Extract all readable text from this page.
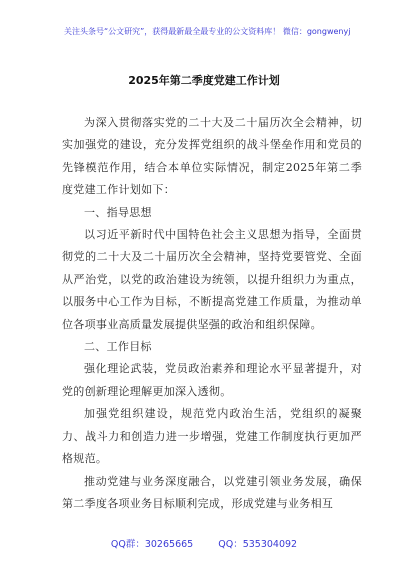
关注头条号“公文研究”，获得最新最全最专业的公文资料库！ 微信：gongwenyj
2025年第二季度党建工作计划

为深入贯彻落实党的二十大及二十届历次全会精神，切实加强党的建设，充分发挥党组织的战斗堡垒作用和党员的先锋模范作用，结合本单位实际情况，制定2025年第二季度党建工作计划如下：

一、指导思想

以习近平新时代中国特色社会主义思想为指导，全面贯彻党的二十大及二十届历次全会精神，坚持党要管党、全面从严治党，以党的政治建设为统领，以提升组织力为重点，以服务中心工作为目标，不断提高党建工作质量，为推动单位各项事业高质量发展提供坚强的政治和组织保障。

二、工作目标

强化理论武装，党员政治素养和理论水平显著提升，对党的创新理论理解更加深入透彻。

加强党组织建设，规范党内政治生活，党组织的凝聚力、战斗力和创造力进一步增强，党建工作制度执行更加严格规范。

推动党建与业务深度融合，以党建引领业务发展，确保第二季度各项业务目标顺利完成，形成党建与业务相互

QQ群：30265665	QQ：535304092
